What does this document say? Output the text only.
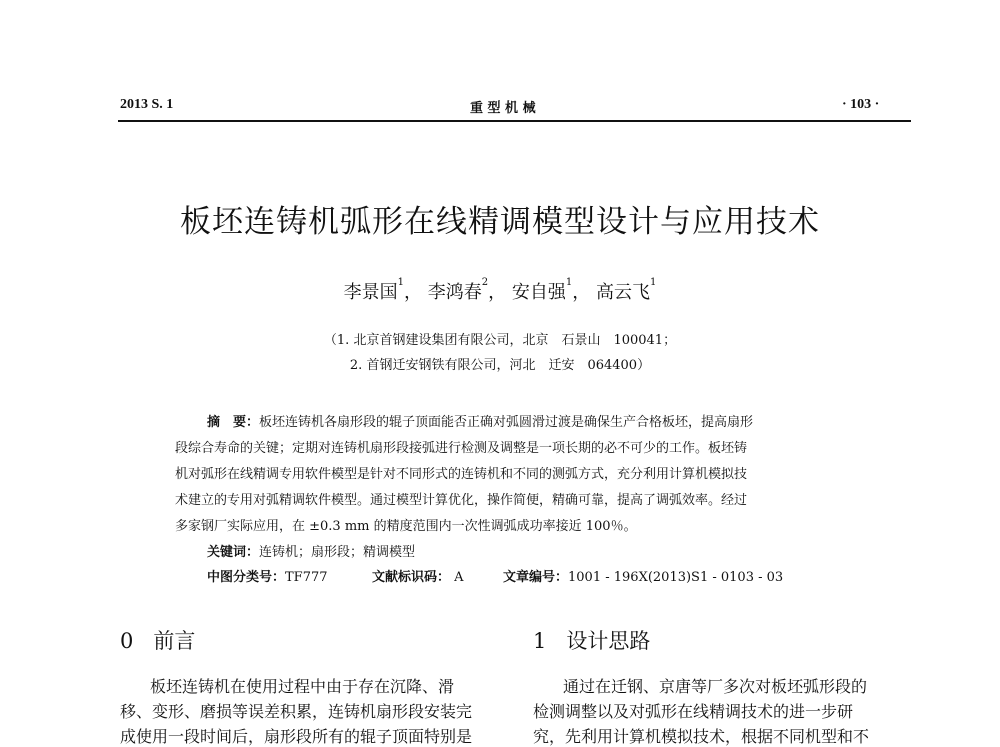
2013 S. 1	重 型 机 械	· 103 ·
板坯连铸机弧形在线精调模型设计与应用技术
李景国$^1$， 李鸿春$^2$， 安自强$^1$， 高云飞$^1$
（1. 北京首钢建设集团有限公司，北京　石景山　100041；
2. 首钢迁安钢铁有限公司，河北　迁安　064400）
摘　要：板坯连铸机各扇形段的辊子顶面能否正确对弧圆滑过渡是确保生产合格板坯，提高扇形
段综合寿命的关键；定期对连铸机扇形段接弧进行检测及调整是一项长期的必不可少的工作。板坯铸
机对弧形在线精调专用软件模型是针对不同形式的连铸机和不同的测弧方式，充分利用计算机模拟技
术建立的专用对弧精调软件模型。通过模型计算优化，操作简便，精确可靠，提高了调弧效率。经过
多家钢厂实际应用，在 ±0.3 mm 的精度范围内一次性调弧成功率接近 100％。
关键词：连铸机；扇形段；精调模型
中图分类号：TF777	文献标识码： A	文章编号：1001 - 196X(2013)S1 - 0103 - 03
0 前言
板坯连铸机在使用过程中由于存在沉降、滑
移、变形、磨损等误差积累，连铸机扇形段安装完
成使用一段时间后，扇形段所有的辊子顶面特别是
1 设计思路
通过在迁钢、京唐等厂多次对板坯弧形段的
检测调整以及对弧形在线精调技术的进一步研
究，先利用计算机模拟技术，根据不同机型和不
